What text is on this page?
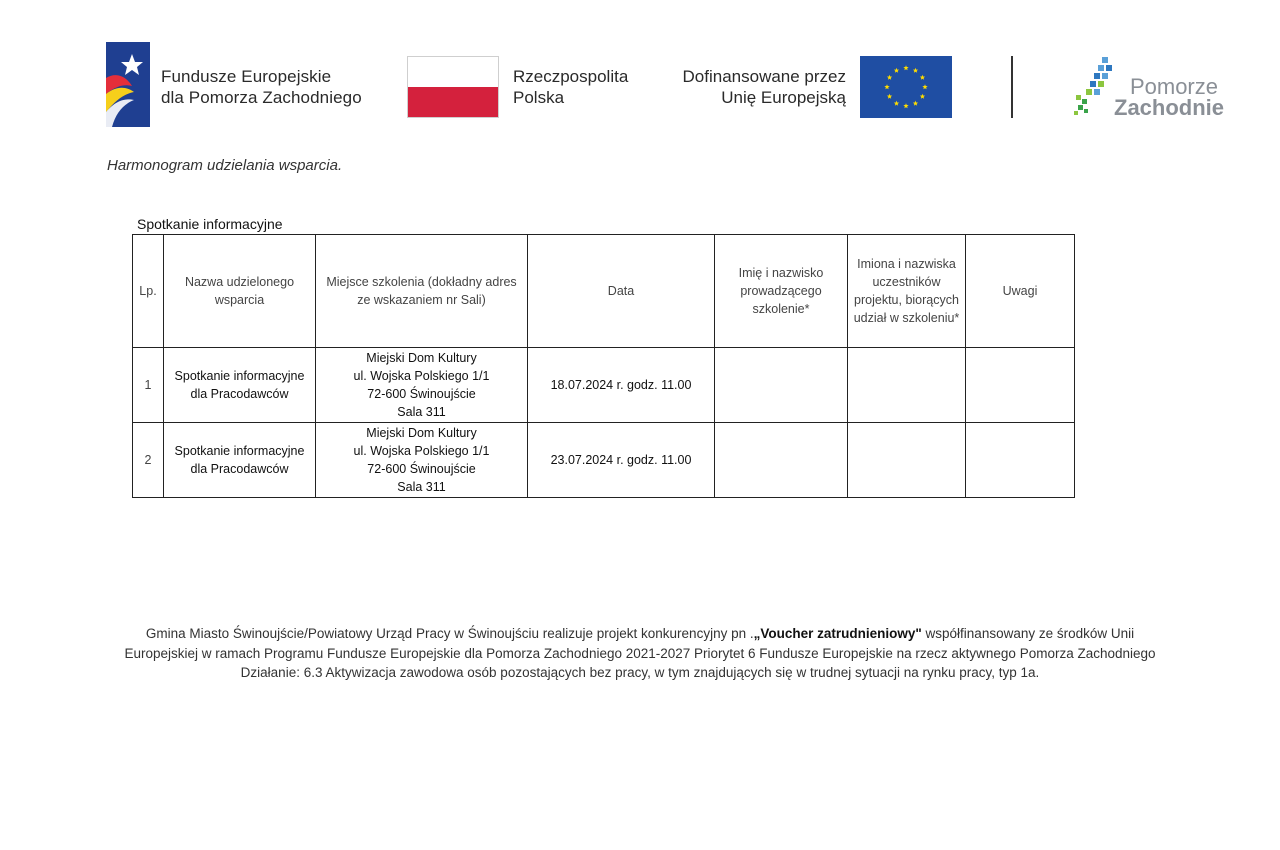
Fundusze Europejskie
dla Pomorza Zachodniego
Rzeczpospolita
Polska
Dofinansowane przez
Unię Europejską	Pomorze
Zachodnie
Harmonogram udzielania wsparcia.
Spotkanie informacyjne
Lp.	Nazwa udzielonego wsparcia	Miejsce szkolenia (dokładny adres ze wskazaniem nr Sali)	Data	Imię i nazwisko prowadzącego szkolenie*	Imiona i nazwiska uczestników projektu, biorących udział w szkoleniu*	Uwagi
1	Spotkanie informacyjne dla Pracodawców	Miejski Dom Kultury
ul. Wojska Polskiego 1/1
72-600 Świnoujście
Sala 311	18.07.2024 r. godz. 11.00			
2	Spotkanie informacyjne dla Pracodawców	Miejski Dom Kultury
ul. Wojska Polskiego 1/1
72-600 Świnoujście
Sala 311	23.07.2024 r. godz. 11.00			
Gmina Miasto Świnoujście/Powiatowy Urząd Pracy w Świnoujściu realizuje projekt konkurencyjny pn .„Voucher zatrudnieniowy" współfinansowany ze środków Unii Europejskiej w ramach Programu Fundusze Europejskie dla Pomorza Zachodniego 2021-2027 Priorytet 6 Fundusze Europejskie na rzecz aktywnego Pomorza Zachodniego Działanie: 6.3 Aktywizacja zawodowa osób pozostających bez pracy, w tym znajdujących się w trudnej sytuacji na rynku pracy, typ 1a.
